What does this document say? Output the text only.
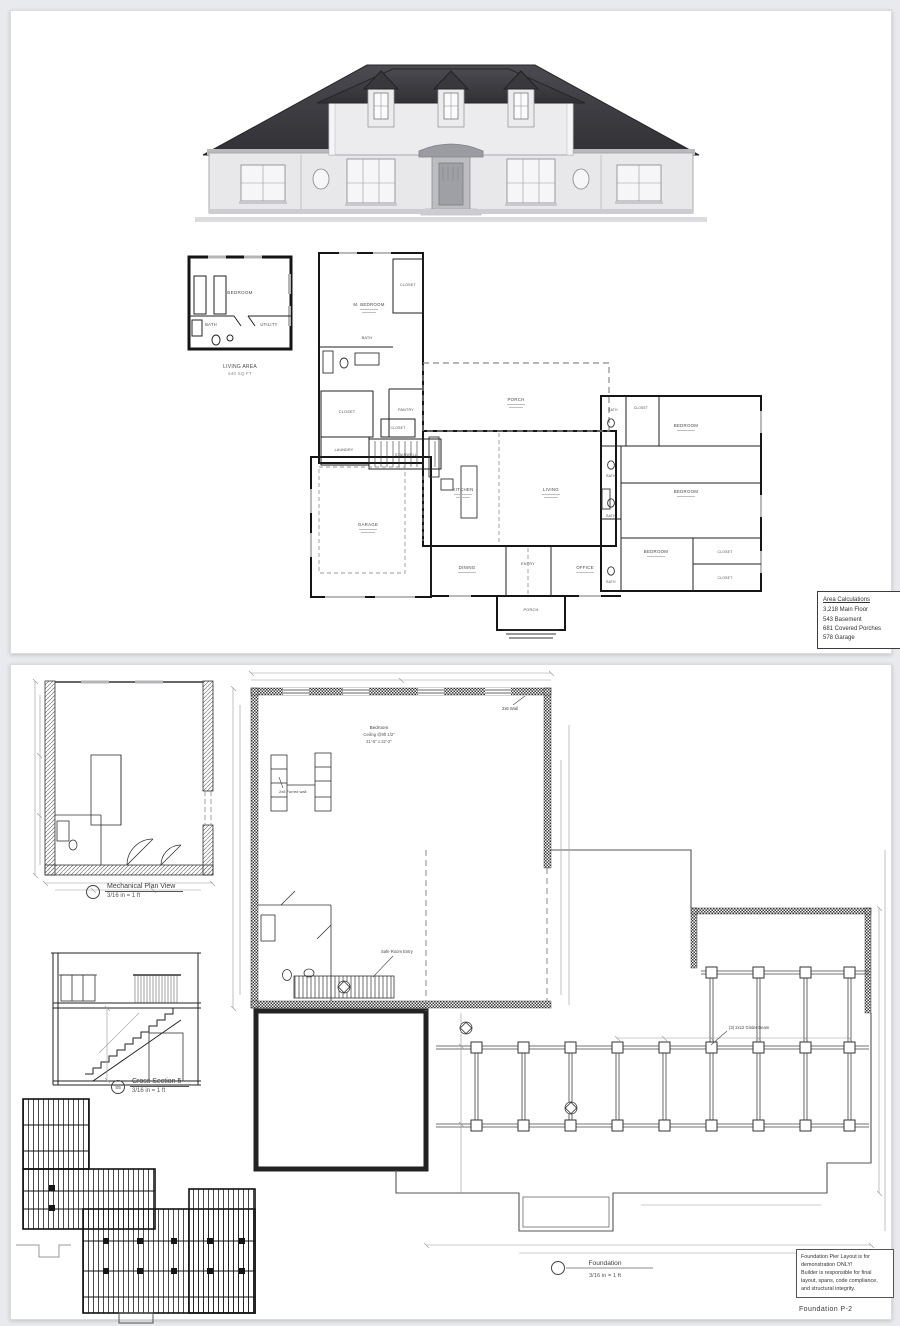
BEDROOM
BATH	UTILITY
LIVING AREA
540 SQ FT
M. BEDROOM
CLOSET
BATH
PANTRY
CLOSET
CLOSET
LAUNDRY
STAIRWELL
PORCH
KITCHEN	LIVING
GARAGE
DINING
ENTRY
OFFICE
PORCH
BATH	CLOSET
BEDROOM
BATH
BEDROOM
BATH
BEDROOM
BATH
CLOSET
CLOSET
Area Calculations
3,218 Main Floor
543 Basement
681 Covered Porches
578 Garage
Mechanical Plan View
3/16 in = 1 ft
S5
Cross Section 5
3/16 in = 1 ft
Bedroom
Ceiling @9ft 1/2"
21'-6" x 22'-2"
2x6 Wall
2x6 Furred wall
Safe Room Entry
(3) 2x12 Girder Beam
Foundation
3/16 in = 1 ft
Foundation Pier Layout is for
demonstration ONLY!
Builder is responsible for final
layout, spans, code compliance,
and structural integrity.
Foundation P-2
